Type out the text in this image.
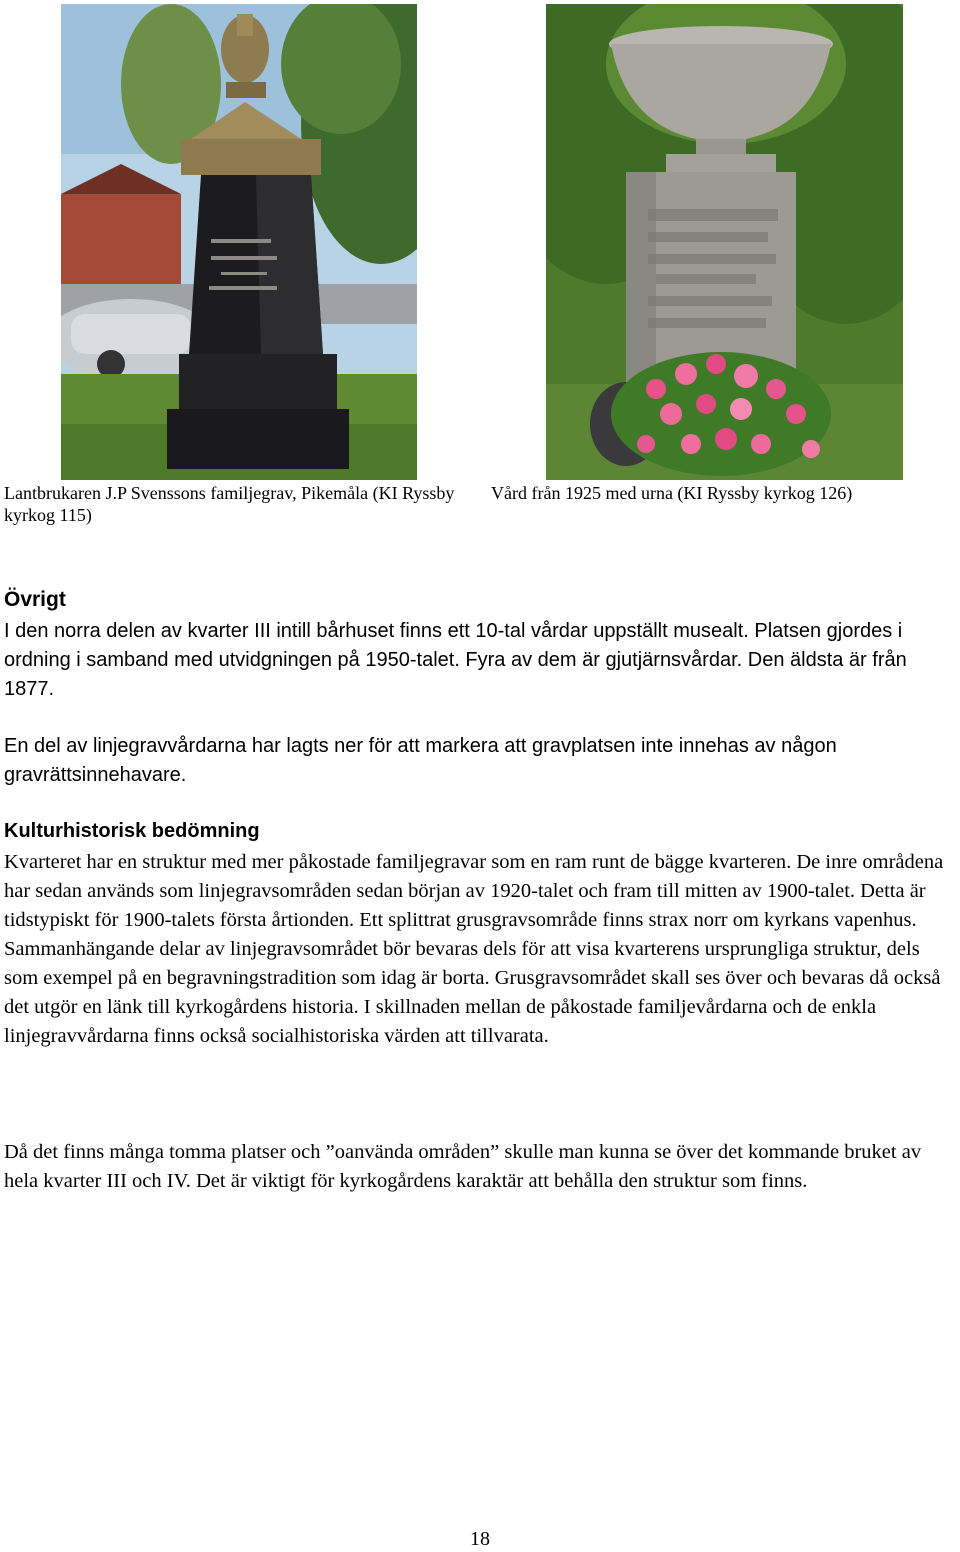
Lantbrukaren J.P Svenssons familjegrav, Pikemåla (KI Ryssby kyrkog 115)
Vård från 1925 med urna (KI Ryssby kyrkog 126)
Övrigt

I den norra delen av kvarter III intill bårhuset finns ett 10-tal vårdar uppställt musealt. Platsen gjordes i ordning i samband med utvidgningen på 1950-talet. Fyra av dem är gjutjärnsvårdar. Den äldsta är från 1877.

En del av linjegravvårdarna har lagts ner för att markera att gravplatsen inte innehas av någon gravrättsinnehavare.

Kulturhistorisk bedömning

Kvarteret har en struktur med mer påkostade familjegravar som en ram runt de bägge kvarteren. De inre områdena har sedan används som linjegravsområden sedan början av 1920-talet och fram till mitten av 1900-talet. Detta är tidstypiskt för 1900-talets första årtionden. Ett splittrat grusgravsområde finns strax norr om kyrkans vapenhus. Sammanhängande delar av linjegravsområdet bör bevaras dels för att visa kvarterens ursprungliga struktur, dels som exempel på en begravningstradition som idag är borta. Grusgravsområdet skall ses över och bevaras då också det utgör en länk till kyrkogårdens historia. I skillnaden mellan de påkostade familjevårdarna och de enkla linjegravvårdarna finns också socialhistoriska värden att tillvarata.

Då det finns många tomma platser och ”oanvända områden” skulle man kunna se över det kommande bruket av hela kvarter III och IV. Det är viktigt för kyrkogårdens karaktär att behålla den struktur som finns.

18
